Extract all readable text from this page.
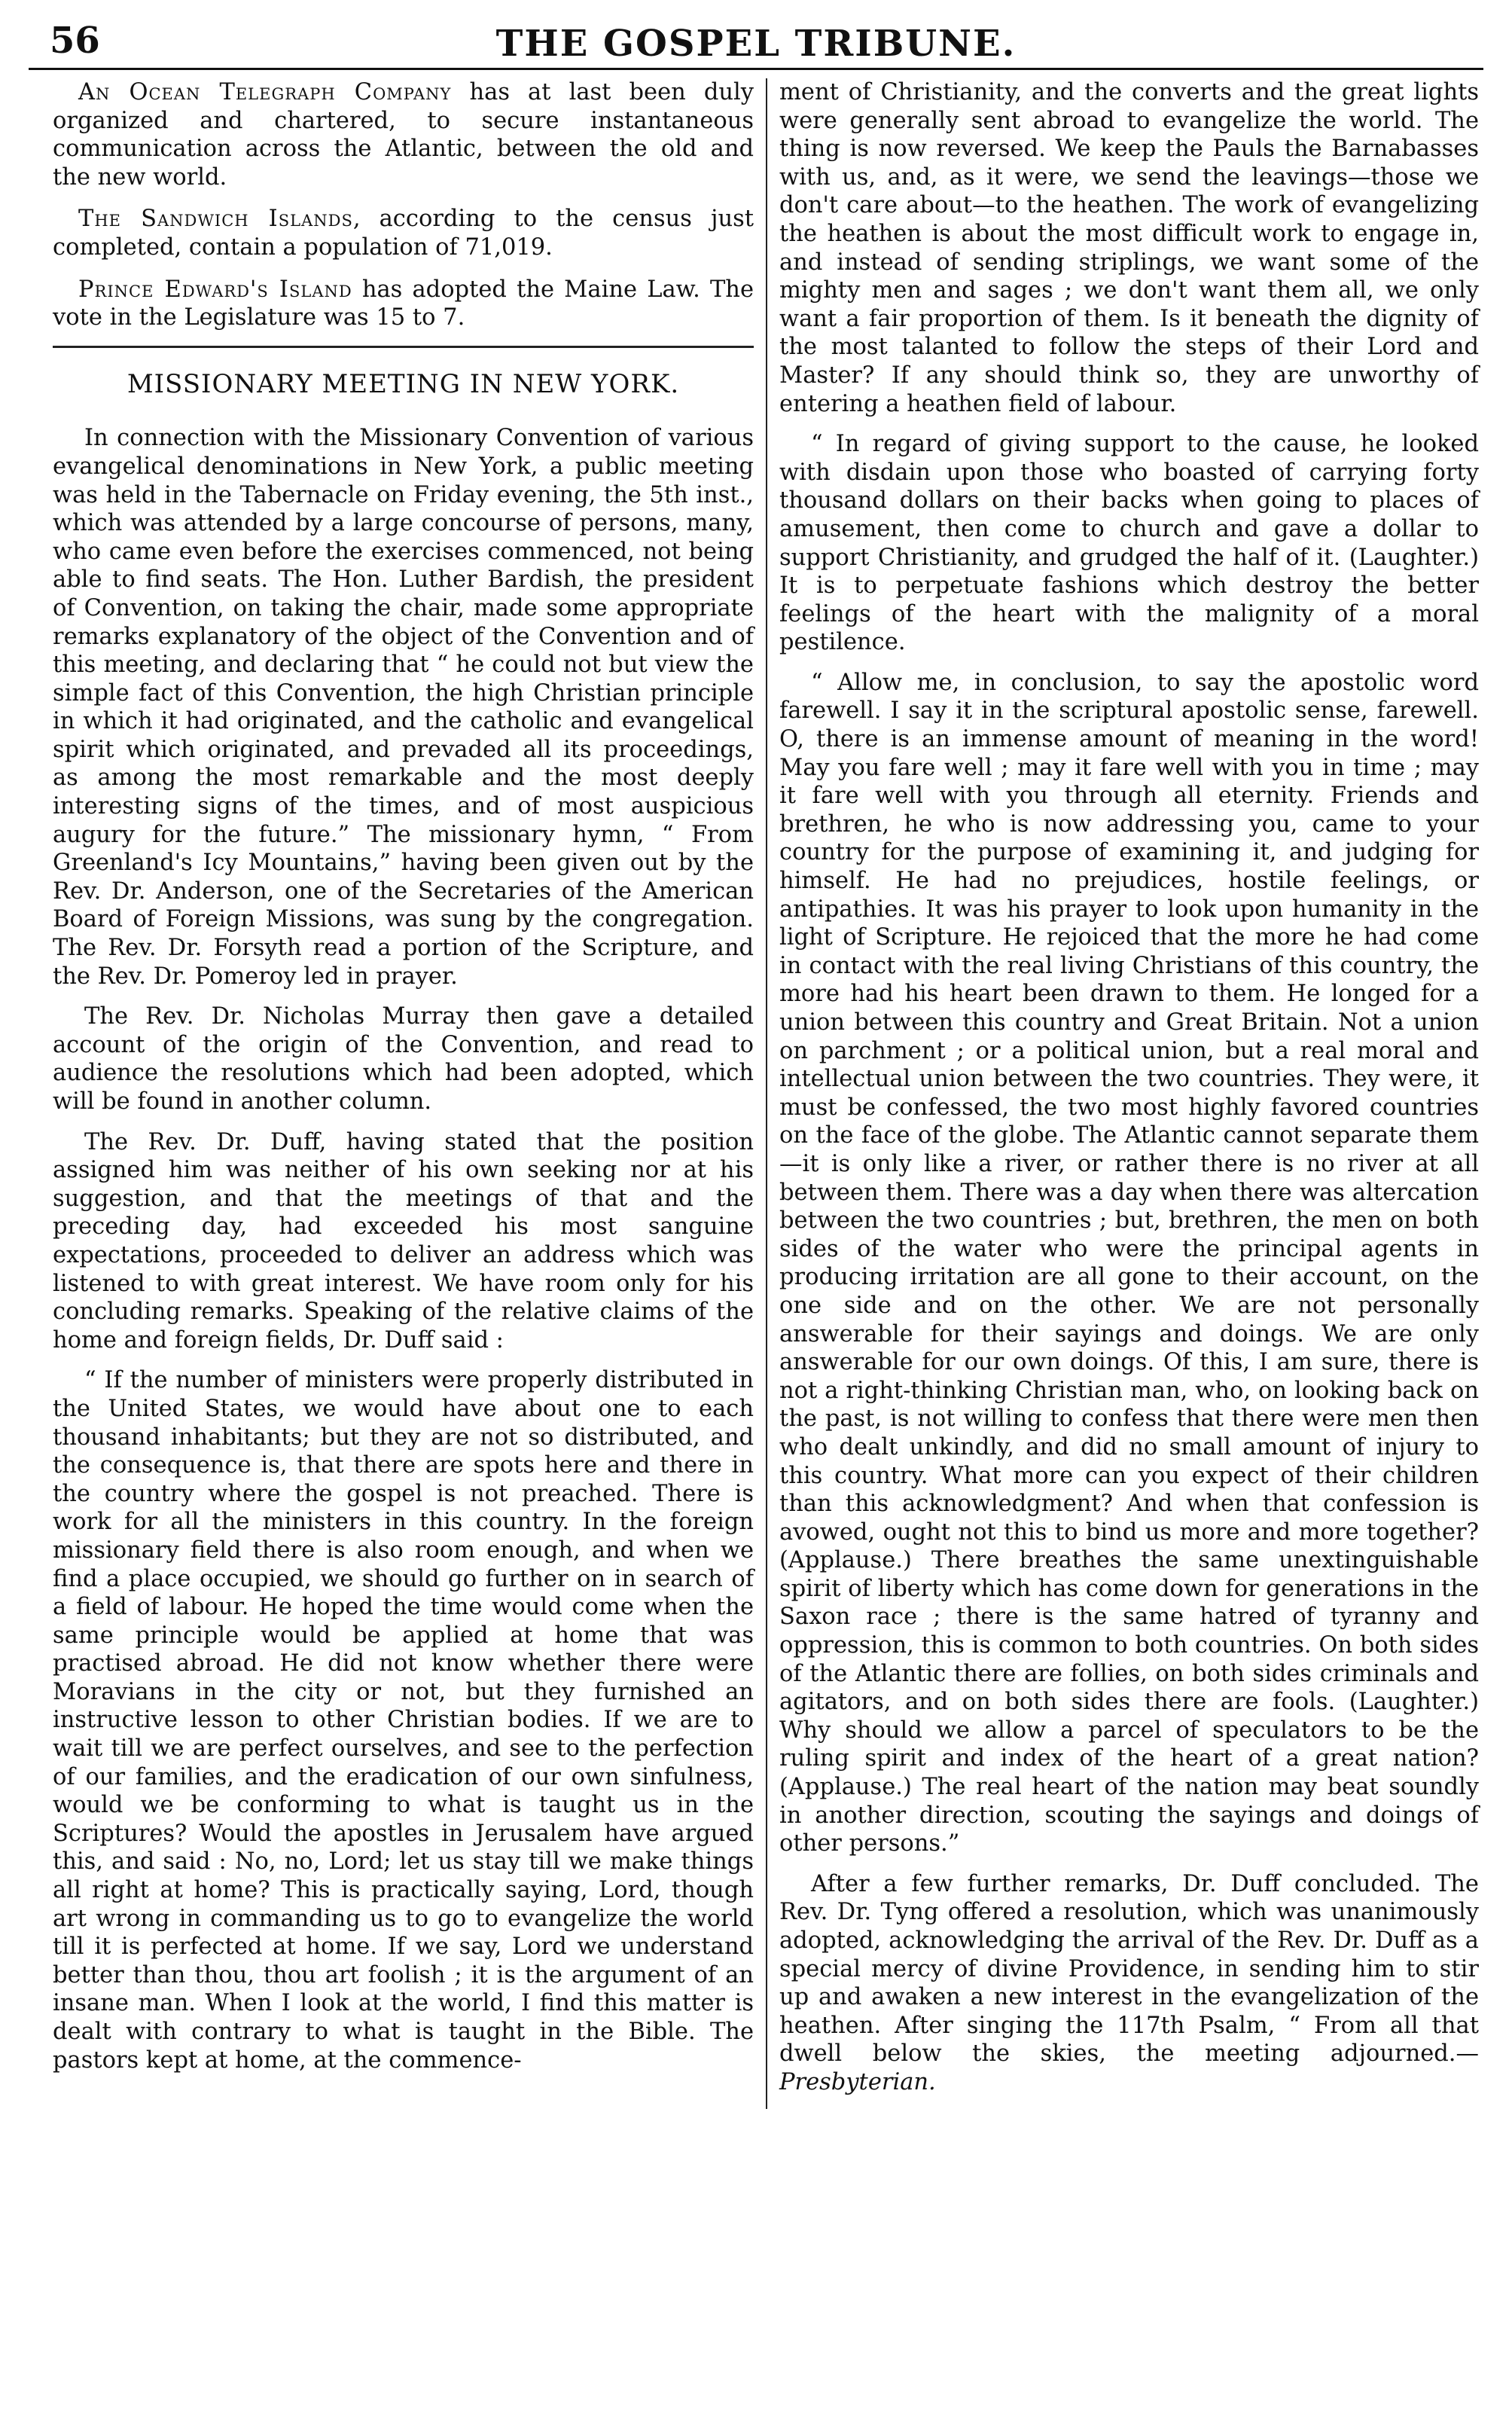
56	THE GOSPEL TRIBUNE.

An Ocean Telegraph Company has at last been duly organized and chartered, to secure instantaneous communication across the Atlantic, between the old and the new world.

The Sandwich Islands, according to the census just completed, contain a population of 71,019.

Prince Edward's Island has adopted the Maine Law. The vote in the Legislature was 15 to 7.

MISSIONARY MEETING IN NEW YORK.

In connection with the Missionary Convention of various evangelical denominations in New York, a public meeting was held in the Tabernacle on Friday evening, the 5th inst., which was attended by a large concourse of persons, many, who came even before the exercises commenced, not being able to find seats. The Hon. Luther Bardish, the president of Convention, on taking the chair, made some appropriate remarks explanatory of the object of the Convention and of this meeting, and declaring that “ he could not but view the simple fact of this Convention, the high Christian principle in which it had originated, and the catholic and evangelical spirit which originated, and prevaded all its proceedings, as among the most remarkable and the most deeply interesting signs of the times, and of most auspicious augury for the future.” The missionary hymn, “ From Greenland's Icy Mountains,” having been given out by the Rev. Dr. Anderson, one of the Secretaries of the American Board of Foreign Missions, was sung by the congregation. The Rev. Dr. Forsyth read a portion of the Scripture, and the Rev. Dr. Pomeroy led in prayer.

The Rev. Dr. Nicholas Murray then gave a detailed account of the origin of the Convention, and read to audience the resolutions which had been adopted, which will be found in another column.

The Rev. Dr. Duff, having stated that the position assigned him was neither of his own seeking nor at his suggestion, and that the meetings of that and the preceding day, had exceeded his most sanguine expectations, proceeded to deliver an address which was listened to with great interest. We have room only for his concluding remarks. Speaking of the relative claims of the home and foreign fields, Dr. Duff said :

“ If the number of ministers were properly distributed in the United States, we would have about one to each thousand inhabitants; but they are not so distributed, and the consequence is, that there are spots here and there in the country where the gospel is not preached. There is work for all the ministers in this country. In the foreign missionary field there is also room enough, and when we find a place occupied, we should go further on in search of a field of labour. He hoped the time would come when the same principle would be applied at home that was practised abroad. He did not know whether there were Moravians in the city or not, but they furnished an instructive lesson to other Christian bodies. If we are to wait till we are perfect ourselves, and see to the perfection of our families, and the eradication of our own sinfulness, would we be conforming to what is taught us in the Scriptures? Would the apostles in Jerusalem have argued this, and said : No, no, Lord; let us stay till we make things all right at home? This is practically saying, Lord, though art wrong in commanding us to go to evangelize the world till it is perfected at home. If we say, Lord we understand better than thou, thou art foolish ; it is the argument of an insane man. When I look at the world, I find this matter is dealt with contrary to what is taught in the Bible. The pastors kept at home, at the commence-

ment of Christianity, and the converts and the great lights were generally sent abroad to evangelize the world. The thing is now reversed. We keep the Pauls the Barnabasses with us, and, as it were, we send the leavings—those we don't care about—to the heathen. The work of evangelizing the heathen is about the most difficult work to engage in, and instead of sending striplings, we want some of the mighty men and sages ; we don't want them all, we only want a fair proportion of them. Is it beneath the dignity of the most talanted to follow the steps of their Lord and Master? If any should think so, they are unworthy of entering a heathen field of labour.

“ In regard of giving support to the cause, he looked with disdain upon those who boasted of carrying forty thousand dollars on their backs when going to places of amusement, then come to church and gave a dollar to support Christianity, and grudged the half of it. (Laughter.) It is to perpetuate fashions which destroy the better feelings of the heart with the malignity of a moral pestilence.

“ Allow me, in conclusion, to say the apostolic word farewell. I say it in the scriptural apostolic sense, farewell. O, there is an immense amount of meaning in the word! May you fare well ; may it fare well with you in time ; may it fare well with you through all eternity. Friends and brethren, he who is now addressing you, came to your country for the purpose of examining it, and judging for himself. He had no prejudices, hostile feelings, or antipathies. It was his prayer to look upon humanity in the light of Scripture. He rejoiced that the more he had come in contact with the real living Christians of this country, the more had his heart been drawn to them. He longed for a union between this country and Great Britain. Not a union on parchment ; or a political union, but a real moral and intellectual union between the two countries. They were, it must be confessed, the two most highly favored countries on the face of the globe. The Atlantic cannot separate them—it is only like a river, or rather there is no river at all between them. There was a day when there was altercation between the two countries ; but, brethren, the men on both sides of the water who were the principal agents in producing irritation are all gone to their account, on the one side and on the other. We are not personally answerable for their sayings and doings. We are only answerable for our own doings. Of this, I am sure, there is not a right-thinking Christian man, who, on looking back on the past, is not willing to confess that there were men then who dealt unkindly, and did no small amount of injury to this country. What more can you expect of their children than this acknowledgment? And when that confession is avowed, ought not this to bind us more and more together? (Applause.) There breathes the same unextinguishable spirit of liberty which has come down for generations in the Saxon race ; there is the same hatred of tyranny and oppression, this is common to both countries. On both sides of the Atlantic there are follies, on both sides criminals and agitators, and on both sides there are fools. (Laughter.) Why should we allow a parcel of speculators to be the ruling spirit and index of the heart of a great nation? (Applause.) The real heart of the nation may beat soundly in another direction, scouting the sayings and doings of other persons.”

After a few further remarks, Dr. Duff concluded. The Rev. Dr. Tyng offered a resolution, which was unanimously adopted, acknowledging the arrival of the Rev. Dr. Duff as a special mercy of divine Providence, in sending him to stir up and awaken a new interest in the evangelization of the heathen. After singing the 117th Psalm, “ From all that dwell below the skies, the meeting adjourned.—Presbyterian.
